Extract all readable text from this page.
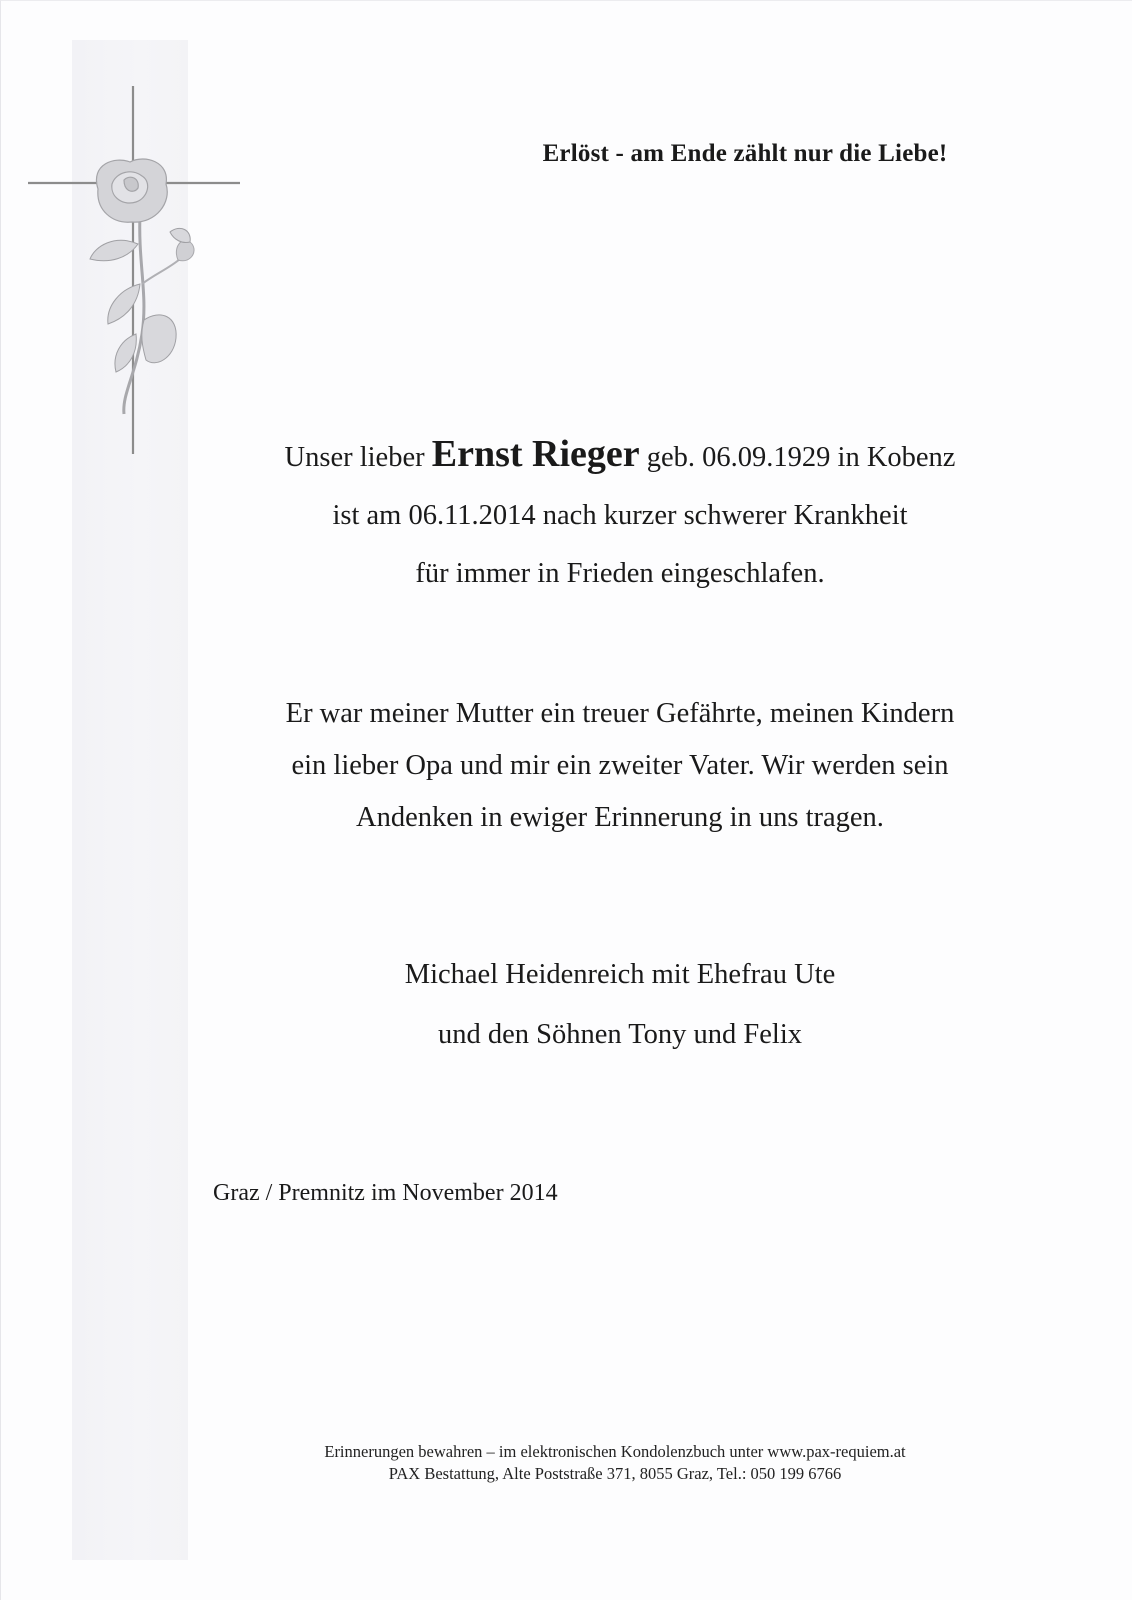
Erlöst - am Ende zählt nur die Liebe!
Unser lieber Ernst Rieger geb. 06.09.1929 in Kobenz
ist am 06.11.2014 nach kurzer schwerer Krankheit
für immer in Frieden eingeschlafen.
Er war meiner Mutter ein treuer Gefährte, meinen Kindern
ein lieber Opa und mir ein zweiter Vater. Wir werden sein
Andenken in ewiger Erinnerung in uns tragen.
Michael Heidenreich mit Ehefrau Ute
und den Söhnen Tony und Felix
Graz / Premnitz im November 2014
Erinnerungen bewahren – im elektronischen Kondolenzbuch unter www.pax-requiem.at
PAX Bestattung, Alte Poststraße 371, 8055 Graz, Tel.: 050 199 6766
